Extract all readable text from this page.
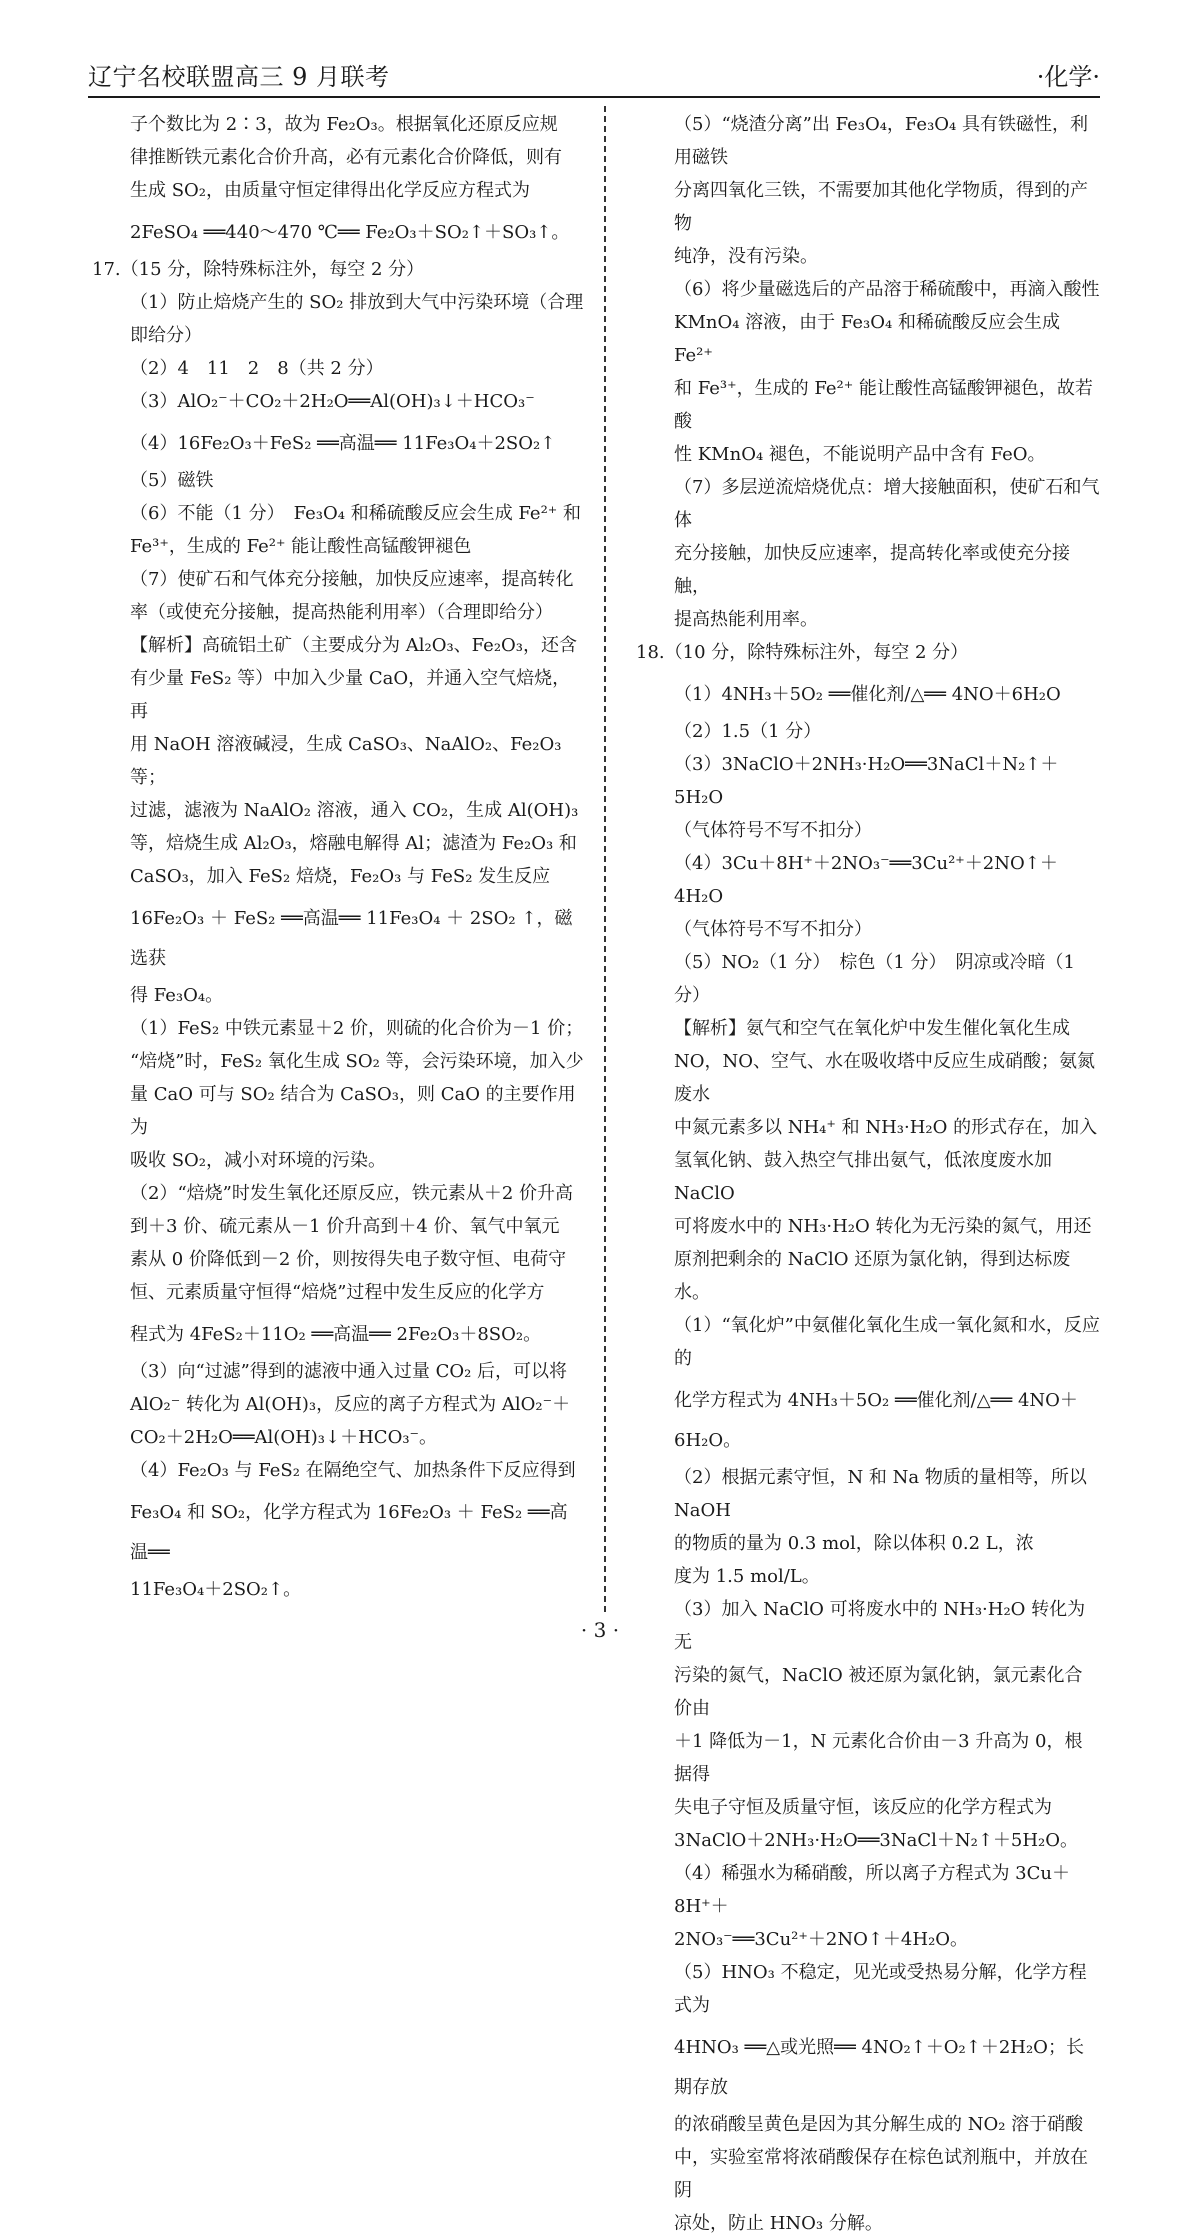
辽宁名校联盟高三 9 月联考	·化学·

子个数比为 2∶3，故为 Fe₂O₃。根据氧化还原反应规

律推断铁元素化合价升高，必有元素化合价降低，则有

生成 SO₂，由质量守恒定律得出化学反应方程式为

2FeSO₄ ══440～470 ℃══ Fe₂O₃＋SO₂↑＋SO₃↑。

17.（15 分，除特殊标注外，每空 2 分）

（1）防止焙烧产生的 SO₂ 排放到大气中污染环境（合理

即给分）

（2）4　11　2　8（共 2 分）

（3）AlO₂⁻＋CO₂＋2H₂O══Al(OH)₃↓＋HCO₃⁻

（4）16Fe₂O₃＋FeS₂ ══高温══ 11Fe₃O₄＋2SO₂↑

（5）磁铁

（6）不能（1 分）　Fe₃O₄ 和稀硫酸反应会生成 Fe²⁺ 和

Fe³⁺，生成的 Fe²⁺ 能让酸性高锰酸钾褪色

（7）使矿石和气体充分接触，加快反应速率，提高转化

率（或使充分接触，提高热能利用率）（合理即给分）

【解析】高硫铝土矿（主要成分为 Al₂O₃、Fe₂O₃，还含

有少量 FeS₂ 等）中加入少量 CaO，并通入空气焙烧，再

用 NaOH 溶液碱浸，生成 CaSO₃、NaAlO₂、Fe₂O₃ 等；

过滤，滤液为 NaAlO₂ 溶液，通入 CO₂，生成 Al(OH)₃

等，焙烧生成 Al₂O₃，熔融电解得 Al；滤渣为 Fe₂O₃ 和

CaSO₃，加入 FeS₂ 焙烧，Fe₂O₃ 与 FeS₂ 发生反应

16Fe₂O₃ ＋ FeS₂ ══高温══ 11Fe₃O₄ ＋ 2SO₂ ↑，磁选获

得 Fe₃O₄。

（1）FeS₂ 中铁元素显＋2 价，则硫的化合价为－1 价；

“焙烧”时，FeS₂ 氧化生成 SO₂ 等，会污染环境，加入少

量 CaO 可与 SO₂ 结合为 CaSO₃，则 CaO 的主要作用为

吸收 SO₂，减小对环境的污染。

（2）“焙烧”时发生氧化还原反应，铁元素从＋2 价升高

到＋3 价、硫元素从－1 价升高到＋4 价、氧气中氧元

素从 0 价降低到－2 价，则按得失电子数守恒、电荷守

恒、元素质量守恒得“焙烧”过程中发生反应的化学方

程式为 4FeS₂＋11O₂ ══高温══ 2Fe₂O₃＋8SO₂。

（3）向“过滤”得到的滤液中通入过量 CO₂ 后，可以将

AlO₂⁻ 转化为 Al(OH)₃，反应的离子方程式为 AlO₂⁻＋

CO₂＋2H₂O══Al(OH)₃↓＋HCO₃⁻。

（4）Fe₂O₃ 与 FeS₂ 在隔绝空气、加热条件下反应得到

Fe₃O₄ 和 SO₂，化学方程式为 16Fe₂O₃ ＋ FeS₂ ══高温══

11Fe₃O₄＋2SO₂↑。

（5）“烧渣分离”出 Fe₃O₄，Fe₃O₄ 具有铁磁性，利用磁铁

分离四氧化三铁，不需要加其他化学物质，得到的产物

纯净，没有污染。

（6）将少量磁选后的产品溶于稀硫酸中，再滴入酸性

KMnO₄ 溶液，由于 Fe₃O₄ 和稀硫酸反应会生成 Fe²⁺

和 Fe³⁺，生成的 Fe²⁺ 能让酸性高锰酸钾褪色，故若酸

性 KMnO₄ 褪色，不能说明产品中含有 FeO。

（7）多层逆流焙烧优点：增大接触面积，使矿石和气体

充分接触，加快反应速率，提高转化率或使充分接触，

提高热能利用率。

18.（10 分，除特殊标注外，每空 2 分）

（1）4NH₃＋5O₂ ══催化剂/△══ 4NO＋6H₂O

（2）1.5（1 分）

（3）3NaClO＋2NH₃·H₂O══3NaCl＋N₂↑＋5H₂O

（气体符号不写不扣分）

（4）3Cu＋8H⁺＋2NO₃⁻══3Cu²⁺＋2NO↑＋4H₂O

（气体符号不写不扣分）

（5）NO₂（1 分）　棕色（1 分）　阴凉或冷暗（1 分）

【解析】氨气和空气在氧化炉中发生催化氧化生成

NO，NO、空气、水在吸收塔中反应生成硝酸；氨氮废水

中氮元素多以 NH₄⁺ 和 NH₃·H₂O 的形式存在，加入

氢氧化钠、鼓入热空气排出氨气，低浓度废水加 NaClO

可将废水中的 NH₃·H₂O 转化为无污染的氮气，用还

原剂把剩余的 NaClO 还原为氯化钠，得到达标废水。

（1）“氧化炉”中氨催化氧化生成一氧化氮和水，反应的

化学方程式为 4NH₃＋5O₂ ══催化剂/△══ 4NO＋6H₂O。

（2）根据元素守恒，N 和 Na 物质的量相等，所以 NaOH

的物质的量为 0.3 mol，除以体积 0.2 L，浓

度为 1.5 mol/L。

（3）加入 NaClO 可将废水中的 NH₃·H₂O 转化为无

污染的氮气，NaClO 被还原为氯化钠，氯元素化合价由

＋1 降低为－1，N 元素化合价由－3 升高为 0，根据得

失电子守恒及质量守恒，该反应的化学方程式为

3NaClO＋2NH₃·H₂O══3NaCl＋N₂↑＋5H₂O。

（4）稀强水为稀硝酸，所以离子方程式为 3Cu＋8H⁺＋

2NO₃⁻══3Cu²⁺＋2NO↑＋4H₂O。

（5）HNO₃ 不稳定，见光或受热易分解，化学方程式为

4HNO₃ ══△或光照══ 4NO₂↑＋O₂↑＋2H₂O；长期存放

的浓硝酸呈黄色是因为其分解生成的 NO₂ 溶于硝酸

中，实验室常将浓硝酸保存在棕色试剂瓶中，并放在阴

凉处，防止 HNO₃ 分解。

· 3 ·
